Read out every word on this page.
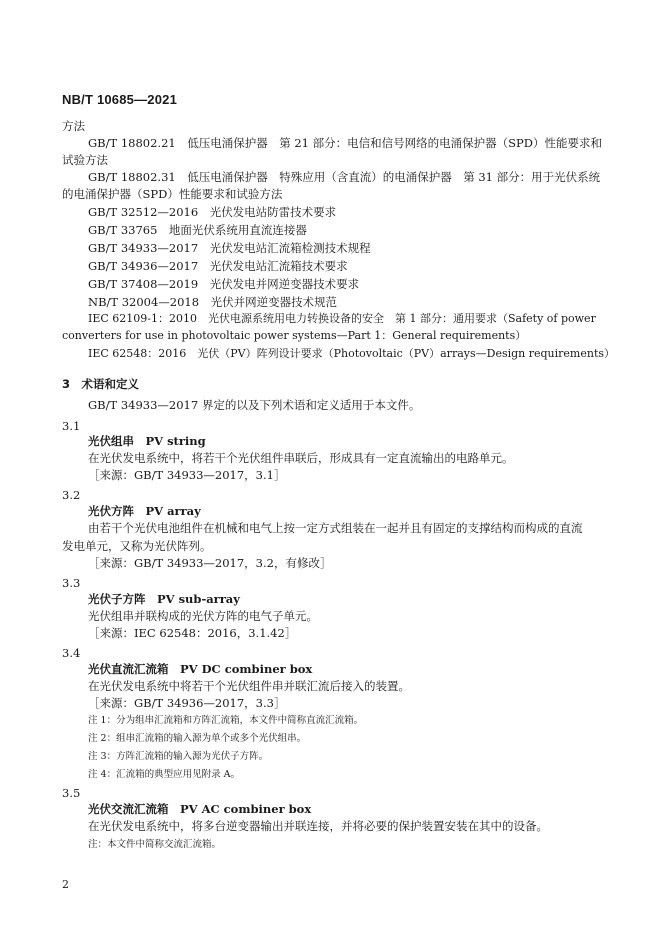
NB/T 10685—2021
方法
GB/T 18802.21　低压电涌保护器　第 21 部分：电信和信号网络的电涌保护器（SPD）性能要求和
试验方法
GB/T 18802.31　低压电涌保护器　特殊应用（含直流）的电涌保护器　第 31 部分：用于光伏系统
的电涌保护器（SPD）性能要求和试验方法
GB/T 32512—2016　光伏发电站防雷技术要求
GB/T 33765　地面光伏系统用直流连接器
GB/T 34933—2017　光伏发电站汇流箱检测技术规程
GB/T 34936—2017　光伏发电站汇流箱技术要求
GB/T 37408—2019　光伏发电并网逆变器技术要求
NB/T 32004—2018　光伏并网逆变器技术规范
IEC 62109-1：2010　光伏电源系统用电力转换设备的安全　第 1 部分：通用要求（Safety of power
converters for use in photovoltaic power systems—Part 1：General requirements）
IEC 62548：2016　光伏（PV）阵列设计要求（Photovoltaic（PV）arrays—Design requirements）
3　术语和定义
GB/T 34933—2017 界定的以及下列术语和定义适用于本文件。
3.1
光伏组串　PV string
在光伏发电系统中，将若干个光伏组件串联后，形成具有一定直流输出的电路单元。
［来源：GB/T 34933—2017，3.1］
3.2
光伏方阵　PV array
由若干个光伏电池组件在机械和电气上按一定方式组装在一起并且有固定的支撑结构而构成的直流
发电单元，又称为光伏阵列。
［来源：GB/T 34933—2017，3.2，有修改］
3.3
光伏子方阵　PV sub-array
光伏组串并联构成的光伏方阵的电气子单元。
［来源：IEC 62548：2016，3.1.42］
3.4
光伏直流汇流箱　PV DC combiner box
在光伏发电系统中将若干个光伏组件串并联汇流后接入的装置。
［来源：GB/T 34936—2017，3.3］
注 1：分为组串汇流箱和方阵汇流箱，本文件中简称直流汇流箱。
注 2：组串汇流箱的输入源为单个或多个光伏组串。
注 3：方阵汇流箱的输入源为光伏子方阵。
注 4：汇流箱的典型应用见附录 A。
3.5
光伏交流汇流箱　PV AC combiner box
在光伏发电系统中，将多台逆变器输出并联连接，并将必要的保护装置安装在其中的设备。
注：本文件中简称交流汇流箱。
2
